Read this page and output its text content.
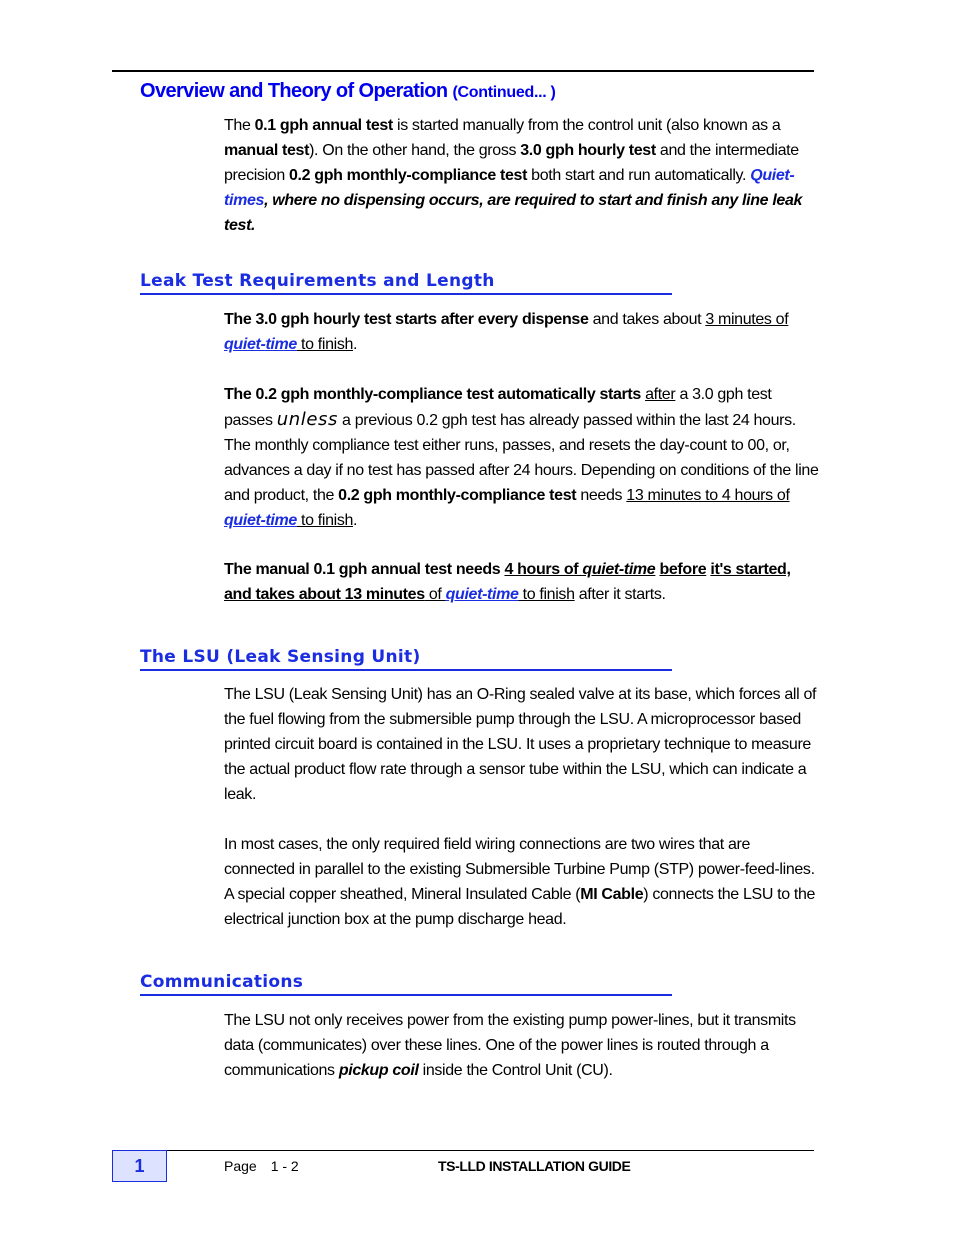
Overview and Theory of Operation (Continued... )

The 0.1 gph annual test is started manually from the control unit (also known as a manual test). On the other hand, the gross 3.0 gph hourly test and the intermediate precision 0.2 gph monthly-compliance test both start and run automatically. Quiet-times, where no dispensing occurs, are required to start and finish any line leak test.

Leak Test Requirements and Length

The 3.0 gph hourly test starts after every dispense and takes about 3 minutes of quiet-time to finish.

The 0.2 gph monthly-compliance test automatically starts after a 3.0 gph test passes unless a previous 0.2 gph test has already passed within the last 24 hours. The monthly compliance test either runs, passes, and resets the day-count to 00, or, advances a day if no test has passed after 24 hours. Depending on conditions of the line and product, the 0.2 gph monthly-compliance test needs 13 minutes to 4 hours of quiet-time to finish.

The manual 0.1 gph annual test needs 4 hours of quiet-time before it's started, and takes about 13 minutes of quiet-time to finish after it starts.

The LSU (Leak Sensing Unit)

The LSU (Leak Sensing Unit) has an O-Ring sealed valve at its base, which forces all of the fuel flowing from the submersible pump through the LSU. A microprocessor based printed circuit board is contained in the LSU. It uses a proprietary technique to measure the actual product flow rate through a sensor tube within the LSU, which can indicate a leak.

In most cases, the only required field wiring connections are two wires that are connected in parallel to the existing Submersible Turbine Pump (STP) power-feed-lines. A special copper sheathed, Mineral Insulated Cable (MI Cable) connects the LSU to the electrical junction box at the pump discharge head.

Communications

The LSU not only receives power from the existing pump power-lines, but it transmits data (communicates) over these lines. One of the power lines is routed through a communications pickup coil inside the Control Unit (CU).

1	Page 1 - 2	TS-LLD INSTALLATION GUIDE
